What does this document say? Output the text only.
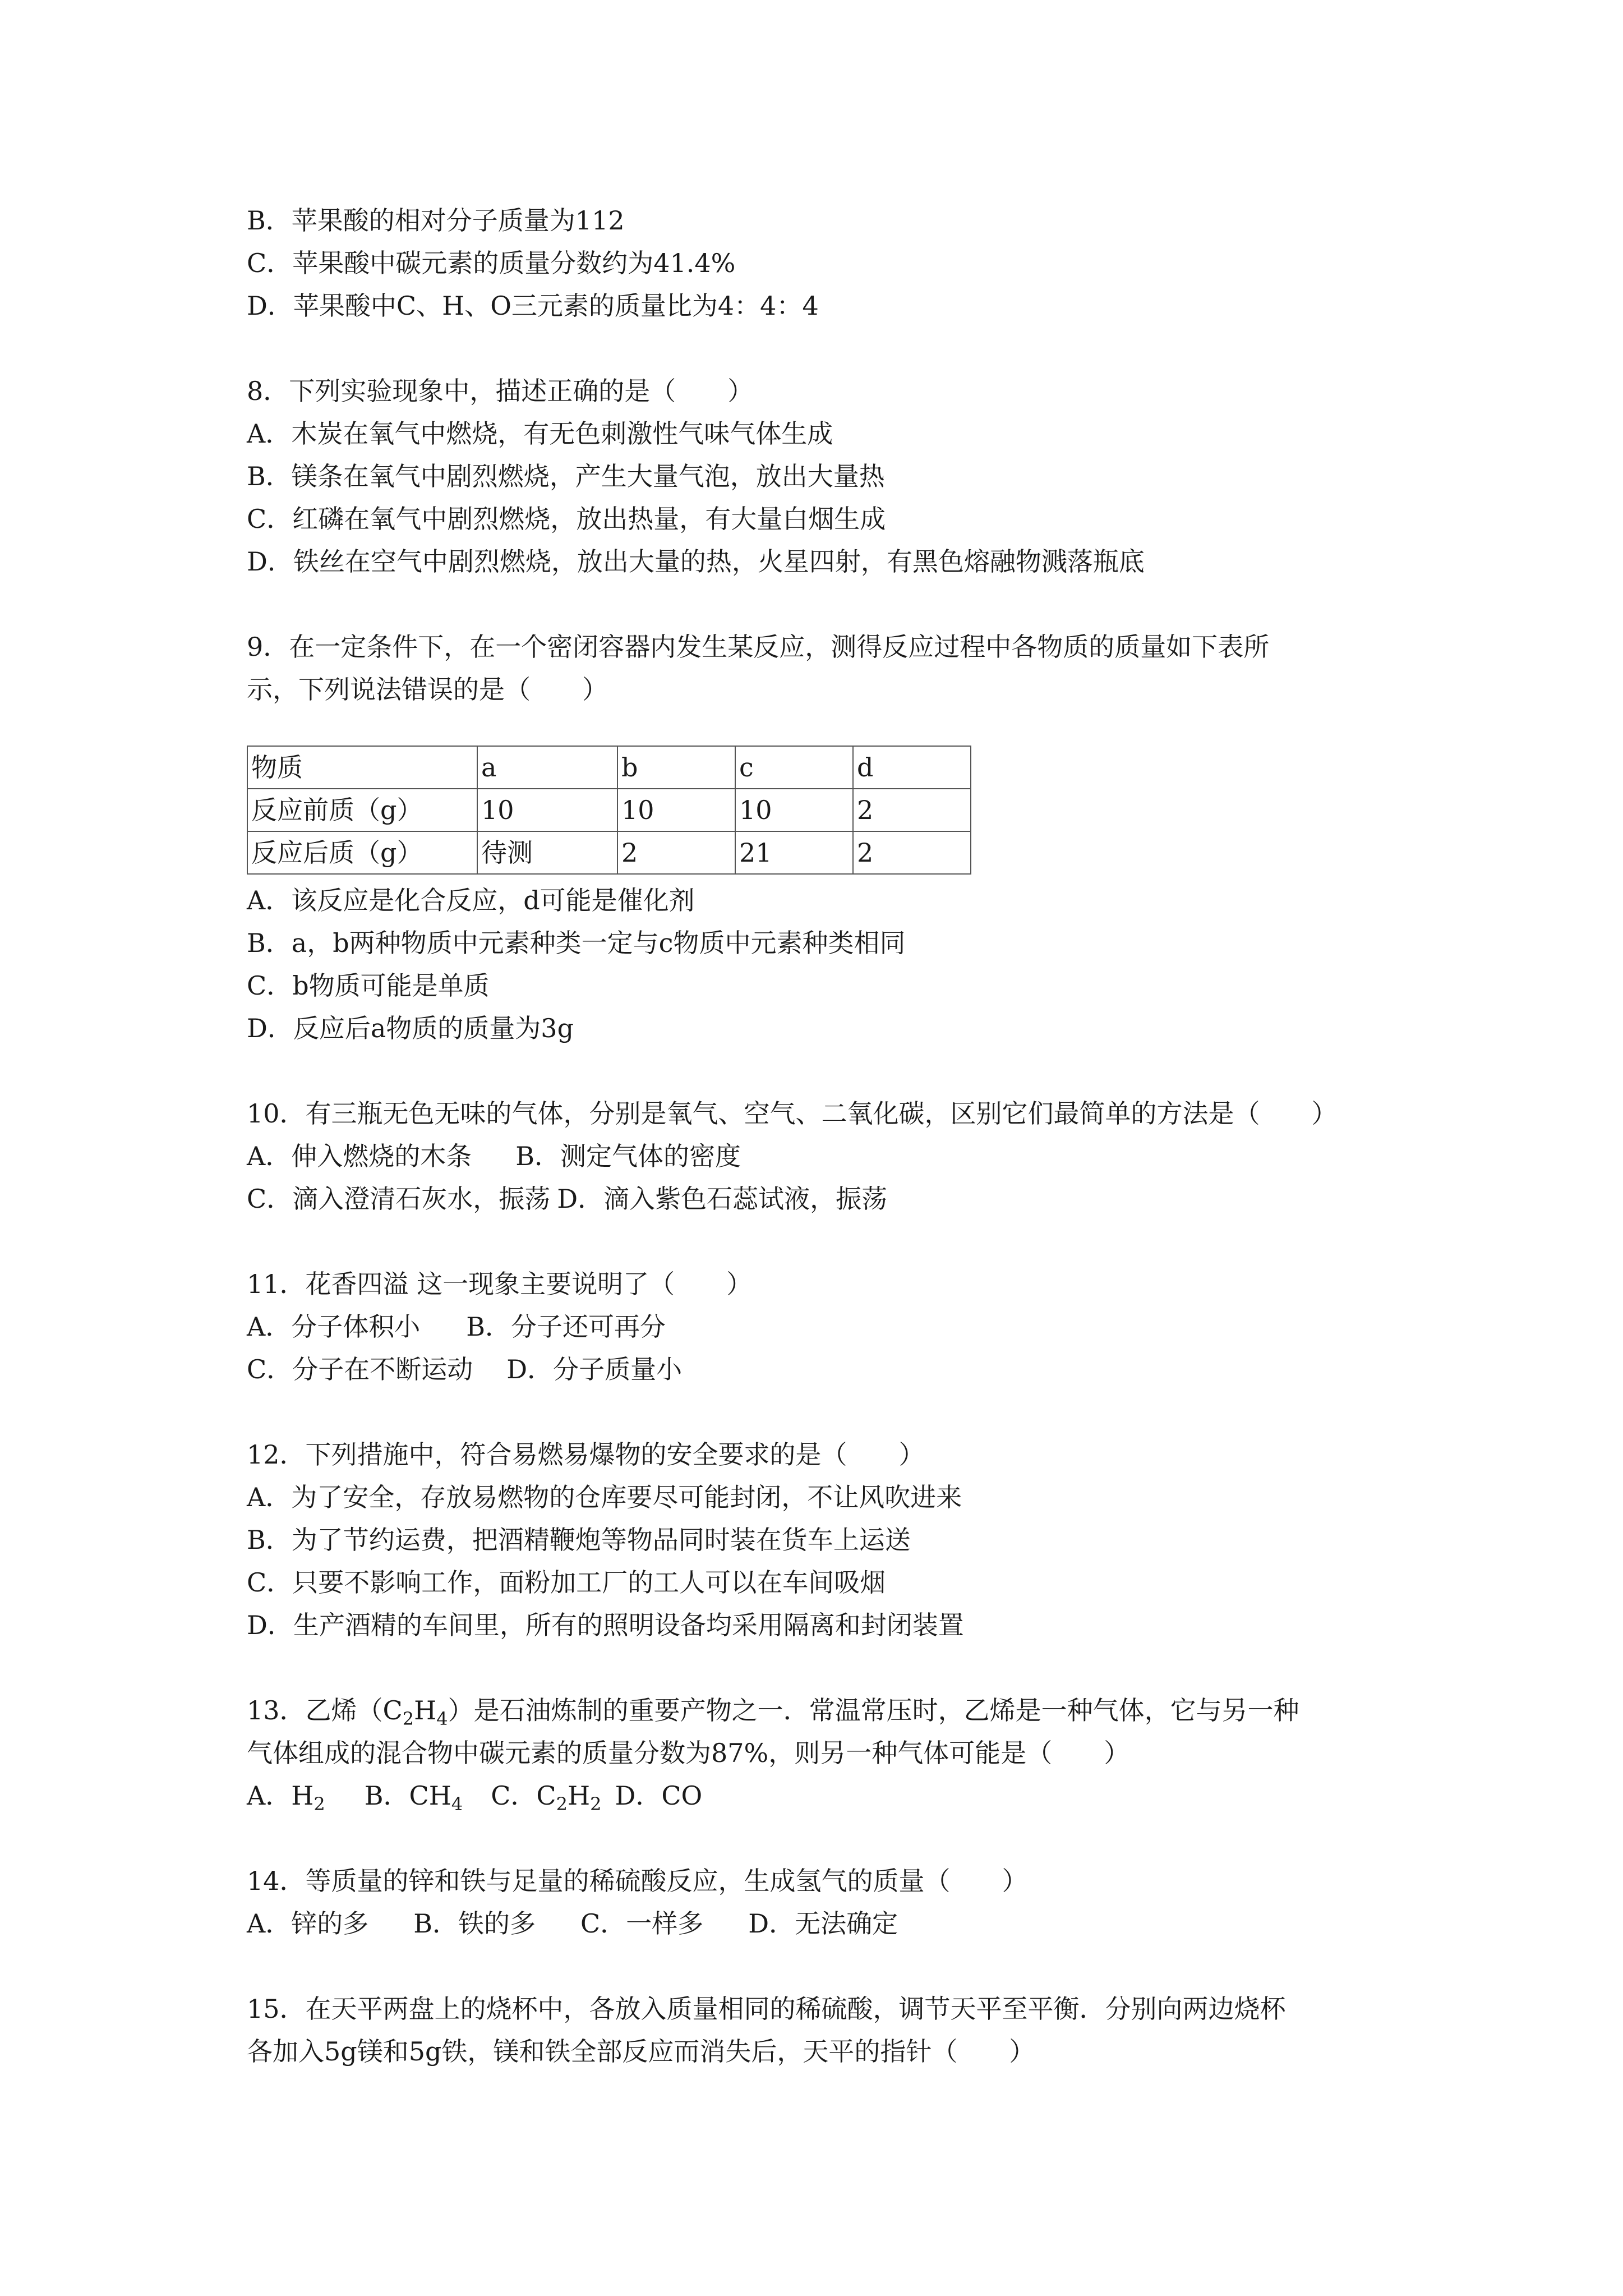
B．苹果酸的相对分子质量为112
C．苹果酸中碳元素的质量分数约为41.4%
D．苹果酸中C、H、O三元素的质量比为4：4：4
8．下列实验现象中，描述正确的是（　　）
A．木炭在氧气中燃烧，有无色刺激性气味气体生成
B．镁条在氧气中剧烈燃烧，产生大量气泡，放出大量热
C．红磷在氧气中剧烈燃烧，放出热量，有大量白烟生成
D．铁丝在空气中剧烈燃烧，放出大量的热，火星四射，有黑色熔融物溅落瓶底
9．在一定条件下，在一个密闭容器内发生某反应，测得反应过程中各物质的质量如下表所
示，下列说法错误的是（　　）
物质	a	b	c	d
反应前质（g）	10	10	10	2
反应后质（g）	待测	2	21	2
A．该反应是化合反应，d可能是催化剂
B．a，b两种物质中元素种类一定与c物质中元素种类相同
C．b物质可能是单质
D．反应后a物质的质量为3g
10．有三瓶无色无味的气体，分别是氧气、空气、二氧化碳，区别它们最简单的方法是（　　）
A．伸入燃烧的木条 B．测定气体的密度
C．滴入澄清石灰水，振荡 D．滴入紫色石蕊试液，振荡
11．花香四溢 这一现象主要说明了（　　）
A．分子体积小 B．分子还可再分
C．分子在不断运动 D．分子质量小
12．下列措施中，符合易燃易爆物的安全要求的是（　　）
A．为了安全，存放易燃物的仓库要尽可能封闭，不让风吹进来
B．为了节约运费，把酒精鞭炮等物品同时装在货车上运送
C．只要不影响工作，面粉加工厂的工人可以在车间吸烟
D．生产酒精的车间里，所有的照明设备均采用隔离和封闭装置
13．乙烯$(C_2H_4)$是石油炼制的重要产物之一．常温常压时，乙烯是一种气体，它与另一种
气体组成的混合物中碳元素的质量分数为87%，则另一种气体可能是（　　）
A．$H_2$ B．$CH_4$ C．$C_2H_2$ D．CO
14．等质量的锌和铁与足量的稀硫酸反应，生成氢气的质量（　　）
A．锌的多 B．铁的多 C．一样多 D．无法确定
15．在天平两盘上的烧杯中，各放入质量相同的稀硫酸，调节天平至平衡．分别向两边烧杯
各加入5g镁和5g铁，镁和铁全部反应而消失后，天平的指针（　　）
